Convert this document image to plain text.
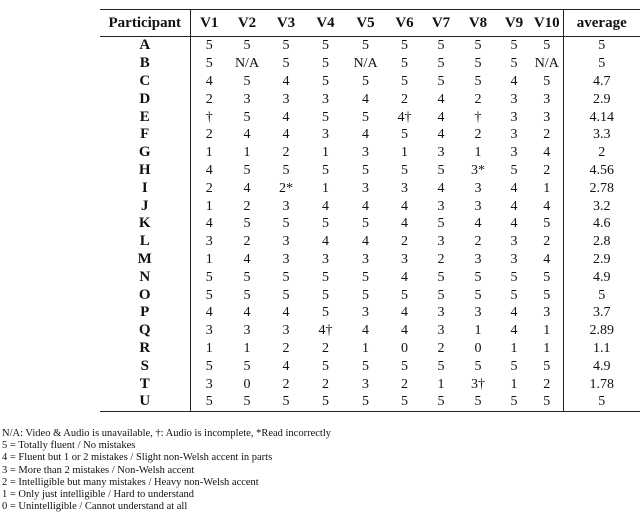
Participant	V1	V2	V3	V4	V5	V6	V7	V8	V9	V10	average
A	5	5	5	5	5	5	5	5	5	5	5
B	5	N/A	5	5	N/A	5	5	5	5	N/A	5
C	4	5	4	5	5	5	5	5	4	5	4.7
D	2	3	3	3	4	2	4	2	3	3	2.9
E	†	5	4	5	5	4†	4	†	3	3	4.14
F	2	4	4	3	4	5	4	2	3	2	3.3
G	1	1	2	1	3	1	3	1	3	4	2
H	4	5	5	5	5	5	5	3*	5	2	4.56
I	2	4	2*	1	3	3	4	3	4	1	2.78
J	1	2	3	4	4	4	3	3	4	4	3.2
K	4	5	5	5	5	4	5	4	4	5	4.6
L	3	2	3	4	4	2	3	2	3	2	2.8
M	1	4	3	3	3	3	2	3	3	4	2.9
N	5	5	5	5	5	4	5	5	5	5	4.9
O	5	5	5	5	5	5	5	5	5	5	5
P	4	4	4	5	3	4	3	3	4	3	3.7
Q	3	3	3	4†	4	4	3	1	4	1	2.89
R	1	1	2	2	1	0	2	0	1	1	1.1
S	5	5	4	5	5	5	5	5	5	5	4.9
T	3	0	2	2	3	2	1	3†	1	2	1.78
U	5	5	5	5	5	5	5	5	5	5	5
N/A: Video & Audio is unavailable, †: Audio is incomplete, *Read incorrectly
5 = Totally fluent / No mistakes
4 = Fluent but 1 or 2 mistakes / Slight non-Welsh accent in parts
3 = More than 2 mistakes / Non-Welsh accent
2 = Intelligible but many mistakes / Heavy non-Welsh accent
1 = Only just intelligible / Hard to understand
0 = Unintelligible / Cannot understand at all
